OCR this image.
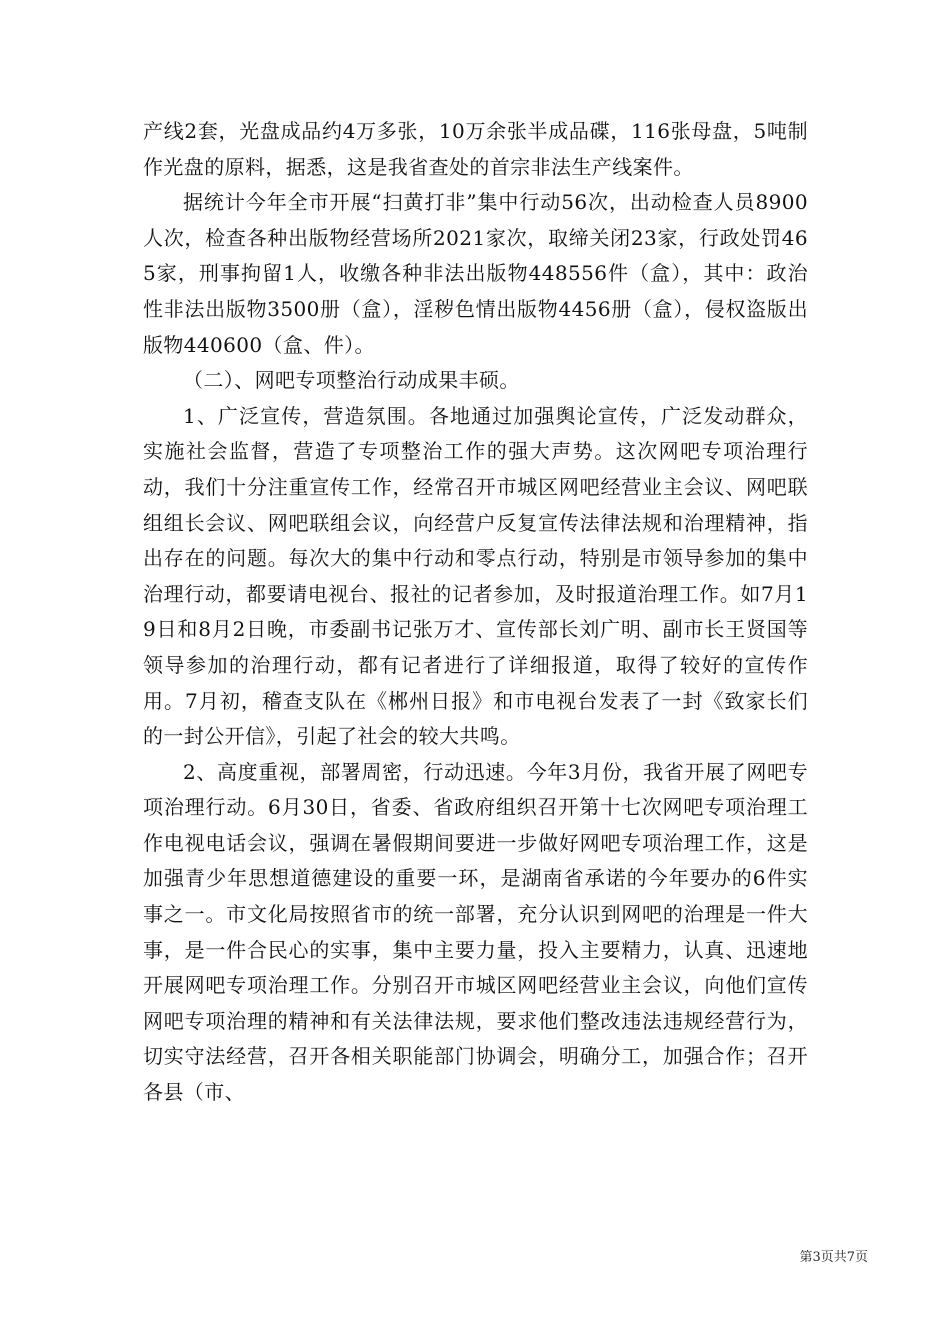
产线2套，光盘成品约4万多张，10万余张半成品碟，116张母盘，5吨制作光盘的原料，据悉，这是我省查处的首宗非法生产线案件。

据统计今年全市开展“扫黄打非”集中行动56次，出动检查人员8900人次，检查各种出版物经营场所2021家次，取缔关闭23家，行政处罚465家，刑事拘留1人，收缴各种非法出版物448556件（盒），其中：政治性非法出版物3500册（盒），淫秽色情出版物4456册（盒），侵权盗版出版物440600（盒、件）。

（二）、网吧专项整治行动成果丰硕。

1、广泛宣传，营造氛围。各地通过加强舆论宣传，广泛发动群众，实施社会监督，营造了专项整治工作的强大声势。这次网吧专项治理行动，我们十分注重宣传工作，经常召开市城区网吧经营业主会议、网吧联组组长会议、网吧联组会议，向经营户反复宣传法律法规和治理精神，指出存在的问题。每次大的集中行动和零点行动，特别是市领导参加的集中治理行动，都要请电视台、报社的记者参加，及时报道治理工作。如7月19日和8月2日晚，市委副书记张万才、宣传部长刘广明、副市长王贤国等领导参加的治理行动，都有记者进行了详细报道，取得了较好的宣传作用。7月初，稽查支队在《郴州日报》和市电视台发表了一封《致家长们的一封公开信》，引起了社会的较大共鸣。

2、高度重视，部署周密，行动迅速。今年3月份，我省开展了网吧专项治理行动。6月30日，省委、省政府组织召开第十七次网吧专项治理工作电视电话会议，强调在暑假期间要进一步做好网吧专项治理工作，这是加强青少年思想道德建设的重要一环，是湖南省承诺的今年要办的6件实事之一。市文化局按照省市的统一部署，充分认识到网吧的治理是一件大事，是一件合民心的实事，集中主要力量，投入主要精力，认真、迅速地开展网吧专项治理工作。分别召开市城区网吧经营业主会议，向他们宣传网吧专项治理的精神和有关法律法规，要求他们整改违法违规经营行为，切实守法经营，召开各相关职能部门协调会，明确分工，加强合作；召开各县（市、

第3页共7页
